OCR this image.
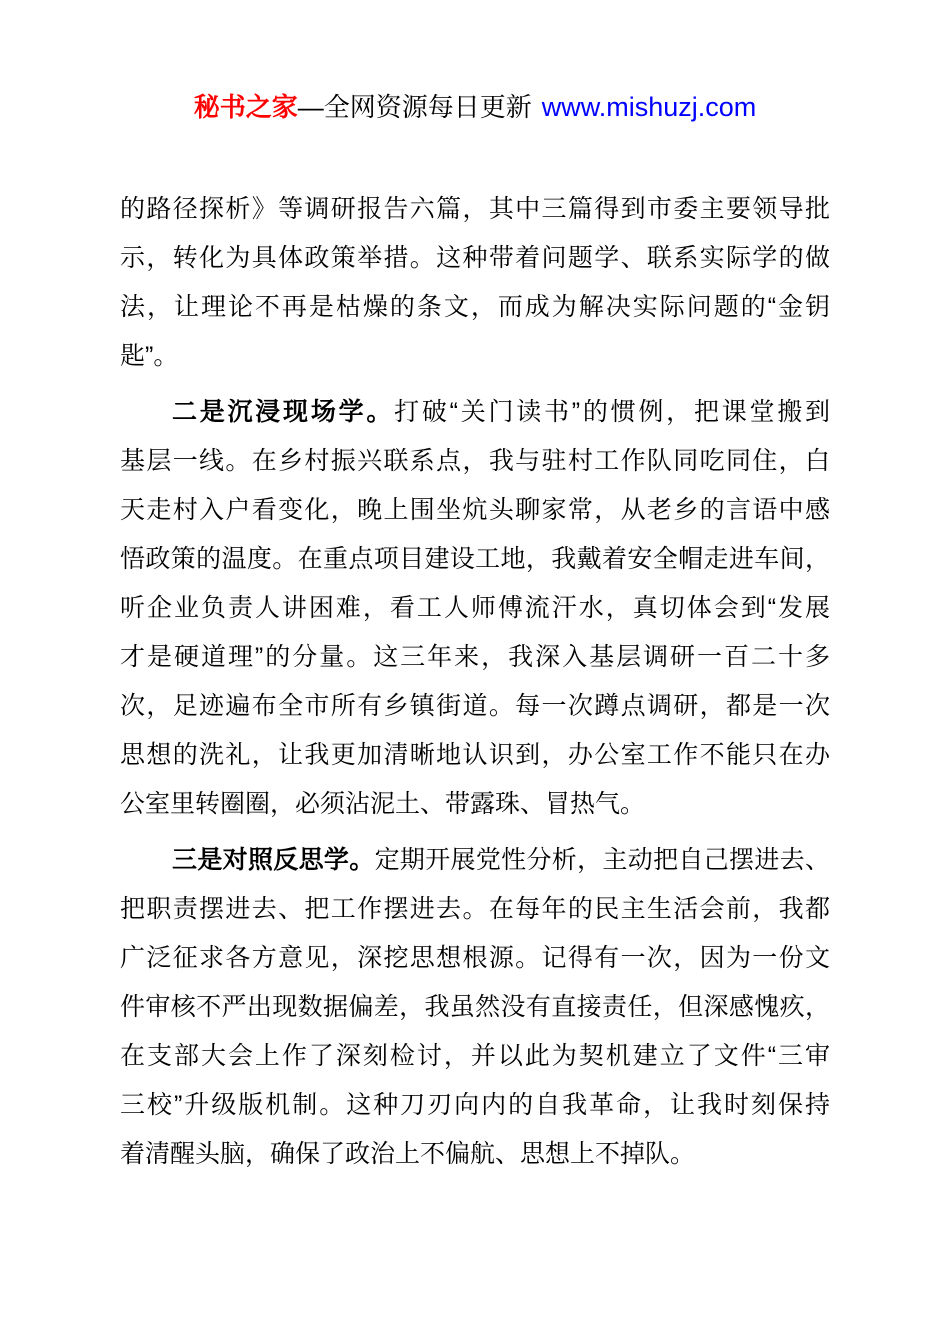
秘书之家—全网资源每日更新 www.mishuzj.com
的路径探析》等调研报告六篇，其中三篇得到市委主要领导批
示，转化为具体政策举措。这种带着问题学、联系实际学的做
法，让理论不再是枯燥的条文，而成为解决实际问题的“金钥
匙”。
二是沉浸现场学。打破“关门读书”的惯例，把课堂搬到
基层一线。在乡村振兴联系点，我与驻村工作队同吃同住，白
天走村入户看变化，晚上围坐炕头聊家常，从老乡的言语中感
悟政策的温度。在重点项目建设工地，我戴着安全帽走进车间，
听企业负责人讲困难，看工人师傅流汗水，真切体会到“发展
才是硬道理”的分量。这三年来，我深入基层调研一百二十多
次，足迹遍布全市所有乡镇街道。每一次蹲点调研，都是一次
思想的洗礼，让我更加清晰地认识到，办公室工作不能只在办
公室里转圈圈，必须沾泥土、带露珠、冒热气。
三是对照反思学。定期开展党性分析，主动把自己摆进去、
把职责摆进去、把工作摆进去。在每年的民主生活会前，我都
广泛征求各方意见，深挖思想根源。记得有一次，因为一份文
件审核不严出现数据偏差，我虽然没有直接责任，但深感愧疚，
在支部大会上作了深刻检讨，并以此为契机建立了文件“三审
三校”升级版机制。这种刀刃向内的自我革命，让我时刻保持
着清醒头脑，确保了政治上不偏航、思想上不掉队。
